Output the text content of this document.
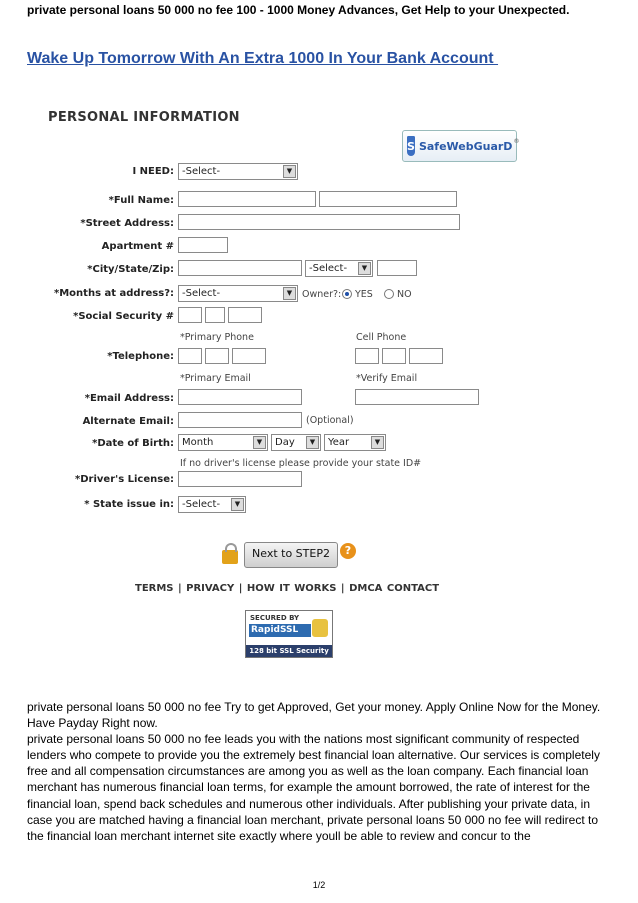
private personal loans 50 000 no fee 100 - 1000 Money Advances, Get Help to your Unexpected.
Wake Up Tomorrow With An Extra 1000 In Your Bank Account
PERSONAL INFORMATION
S SafeWebGuarD ®
I NEED: -Select-	▼
*Full Name:
*Street Address:
Apartment #
*City/State/Zip:	-Select-	▼
*Months at address?: -Select-	▼	Owner?: YES	NO
*Social Security #
*Primary Phone	Cell Phone
*Telephone:
*Primary Email	*Verify Email
*Email Address:
Alternate Email:	(Optional)
*Date of Birth: Month	▼	Day	▼	Year	▼
If no driver's license please provide your state ID#
*Driver's License:
* State issue in: -Select-	▼
Next to STEP2	?
TERMS | PRIVACY | HOW IT WORKS | DMCA CONTACT
SECURED BY
RapidSSL
128 bit SSL Security

private personal loans 50 000 no fee Try to get Approved, Get your money. Apply Online Now for the Money. Have Payday Right now.

private personal loans 50 000 no fee leads you with the nations most significant community of respected lenders who compete to provide you the extremely best financial loan alternative. Our services is completely free and all compensation circumstances are among you as well as the loan company. Each financial loan merchant has numerous financial loan terms, for example the amount borrowed, the rate of interest for the financial loan, spend back schedules and numerous other individuals. After publishing your private data, in case you are matched having a financial loan merchant, private personal loans 50 000 no fee will redirect to the financial loan merchant internet site exactly where youll be able to review and concur to the

1/2
